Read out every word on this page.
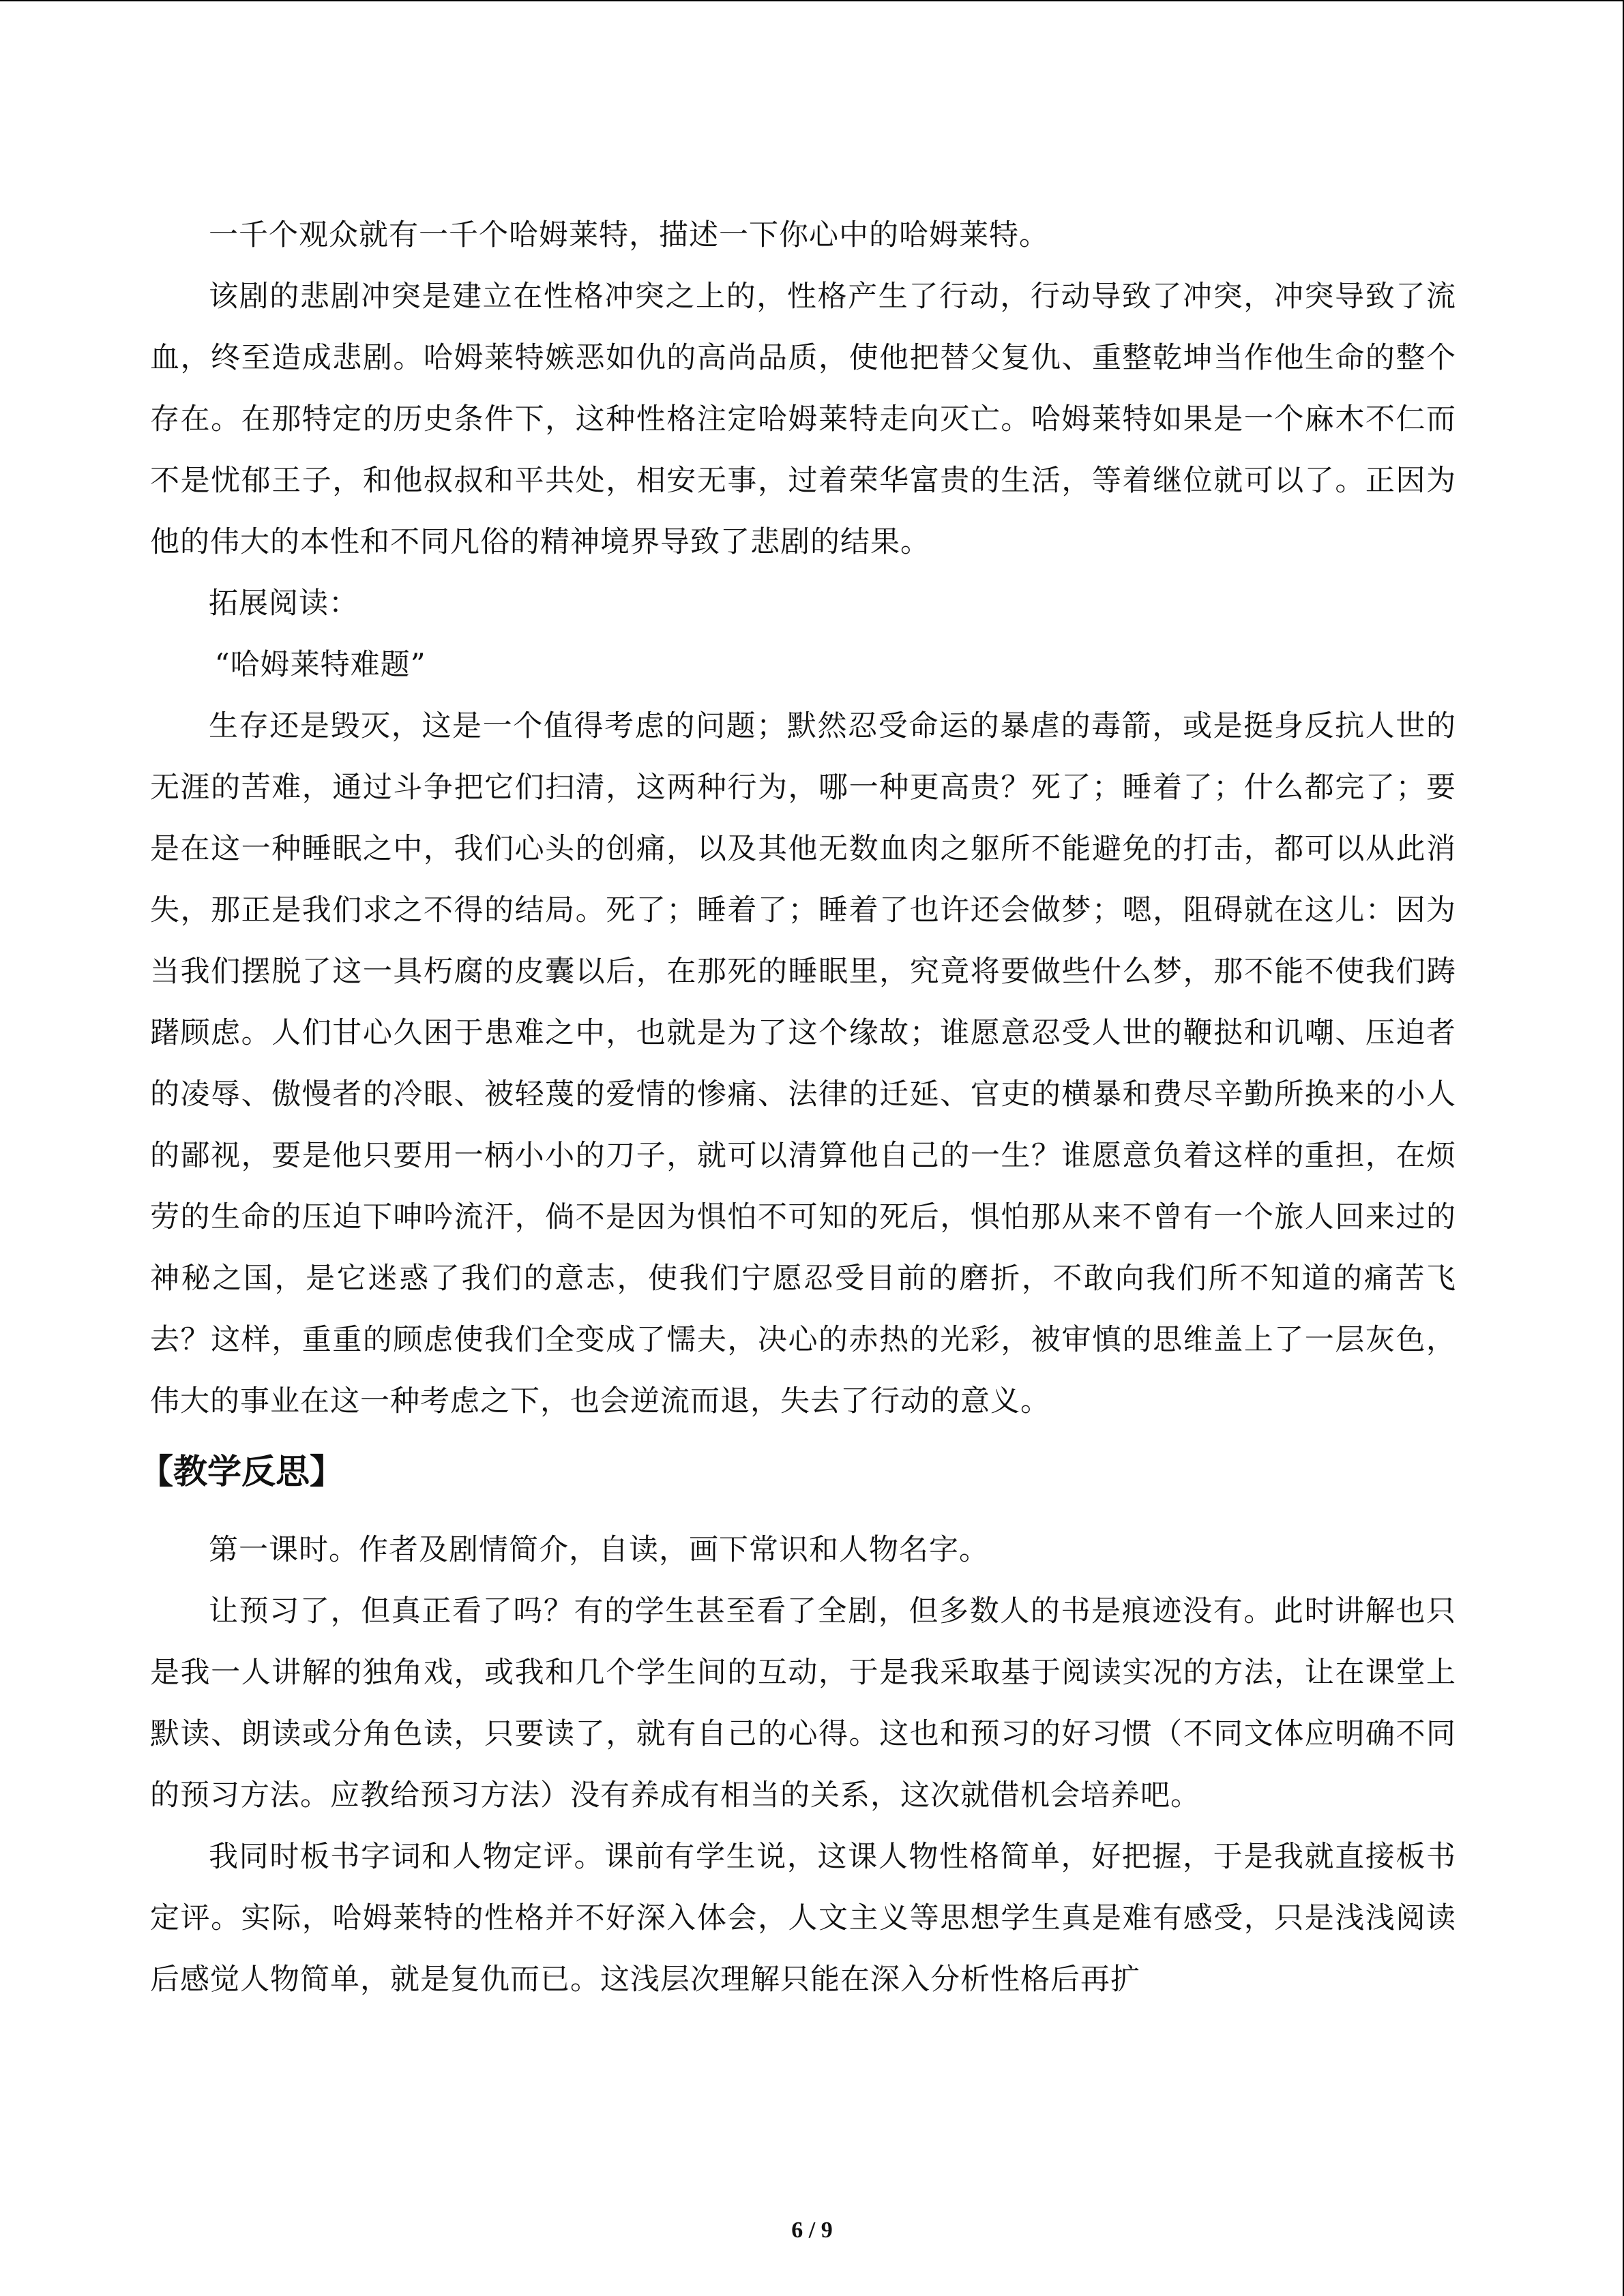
一千个观众就有一千个哈姆莱特，描述一下你心中的哈姆莱特。

该剧的悲剧冲突是建立在性格冲突之上的，性格产生了行动，行动导致了冲突，冲突导致了流血，终至造成悲剧。哈姆莱特嫉恶如仇的高尚品质，使他把替父复仇、重整乾坤当作他生命的整个存在。在那特定的历史条件下，这种性格注定哈姆莱特走向灭亡。哈姆莱特如果是一个麻木不仁而不是忧郁王子，和他叔叔和平共处，相安无事，过着荣华富贵的生活，等着继位就可以了。正因为他的伟大的本性和不同凡俗的精神境界导致了悲剧的结果。

拓展阅读：

“哈姆莱特难题”

生存还是毁灭，这是一个值得考虑的问题；默然忍受命运的暴虐的毒箭，或是挺身反抗人世的无涯的苦难，通过斗争把它们扫清，这两种行为，哪一种更高贵？死了；睡着了；什么都完了；要是在这一种睡眠之中，我们心头的创痛，以及其他无数血肉之躯所不能避免的打击，都可以从此消失，那正是我们求之不得的结局。死了；睡着了；睡着了也许还会做梦；嗯，阻碍就在这儿：因为当我们摆脱了这一具朽腐的皮囊以后，在那死的睡眠里，究竟将要做些什么梦，那不能不使我们踌躇顾虑。人们甘心久困于患难之中，也就是为了这个缘故；谁愿意忍受人世的鞭挞和讥嘲、压迫者的凌辱、傲慢者的冷眼、被轻蔑的爱情的惨痛、法律的迁延、官吏的横暴和费尽辛勤所换来的小人的鄙视，要是他只要用一柄小小的刀子，就可以清算他自己的一生？谁愿意负着这样的重担，在烦劳的生命的压迫下呻吟流汗，倘不是因为惧怕不可知的死后，惧怕那从来不曾有一个旅人回来过的神秘之国，是它迷惑了我们的意志，使我们宁愿忍受目前的磨折，不敢向我们所不知道的痛苦飞去？这样，重重的顾虑使我们全变成了懦夫，决心的赤热的光彩，被审慎的思维盖上了一层灰色，伟大的事业在这一种考虑之下，也会逆流而退，失去了行动的意义。

【教学反思】

第一课时。作者及剧情简介，自读，画下常识和人物名字。

让预习了，但真正看了吗？有的学生甚至看了全剧，但多数人的书是痕迹没有。此时讲解也只是我一人讲解的独角戏，或我和几个学生间的互动，于是我采取基于阅读实况的方法，让在课堂上默读、朗读或分角色读，只要读了，就有自己的心得。这也和预习的好习惯（不同文体应明确不同的预习方法。应教给预习方法）没有养成有相当的关系，这次就借机会培养吧。

我同时板书字词和人物定评。课前有学生说，这课人物性格简单，好把握，于是我就直接板书定评。实际，哈姆莱特的性格并不好深入体会，人文主义等思想学生真是难有感受，只是浅浅阅读后感觉人物简单，就是复仇而已。这浅层次理解只能在深入分析性格后再扩

6 / 9
